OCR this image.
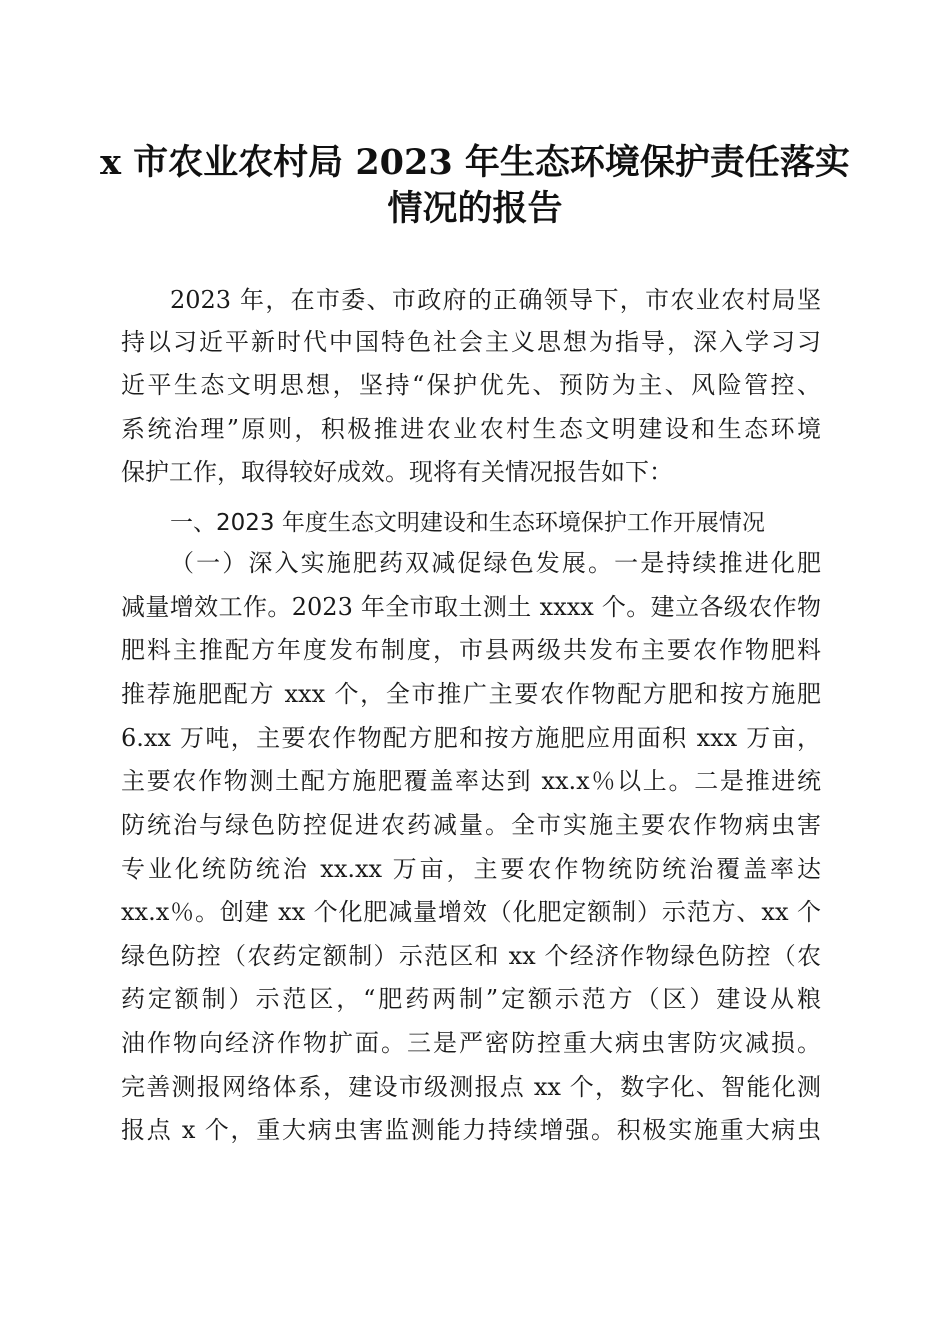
x 市农业农村局 2023 年生态环境保护责任落实
情况的报告

2023 年，在市委、市政府的正确领导下，市农业农村局坚

持以习近平新时代中国特色社会主义思想为指导，深入学习习

近平生态文明思想，坚持“保护优先、预防为主、风险管控、

系统治理”原则，积极推进农业农村生态文明建设和生态环境

保护工作，取得较好成效。现将有关情况报告如下：

一、2023 年度生态文明建设和生态环境保护工作开展情况

（一）深入实施肥药双减促绿色发展。一是持续推进化肥

减量增效工作。2023 年全市取土测土 xxxx 个。建立各级农作物

肥料主推配方年度发布制度，市县两级共发布主要农作物肥料

推荐施肥配方 xxx 个，全市推广主要农作物配方肥和按方施肥

6.xx 万吨，主要农作物配方肥和按方施肥应用面积 xxx 万亩，

主要农作物测土配方施肥覆盖率达到 xx.x％以上。二是推进统

防统治与绿色防控促进农药减量。全市实施主要农作物病虫害

专业化统防统治 xx.xx 万亩，主要农作物统防统治覆盖率达

xx.x％。创建 xx 个化肥减量增效（化肥定额制）示范方、xx 个

绿色防控（农药定额制）示范区和 xx 个经济作物绿色防控（农

药定额制）示范区，“肥药两制”定额示范方（区）建设从粮

油作物向经济作物扩面。三是严密防控重大病虫害防灾减损。

完善测报网络体系，建设市级测报点 xx 个，数字化、智能化测

报点 x 个，重大病虫害监测能力持续增强。积极实施重大病虫
